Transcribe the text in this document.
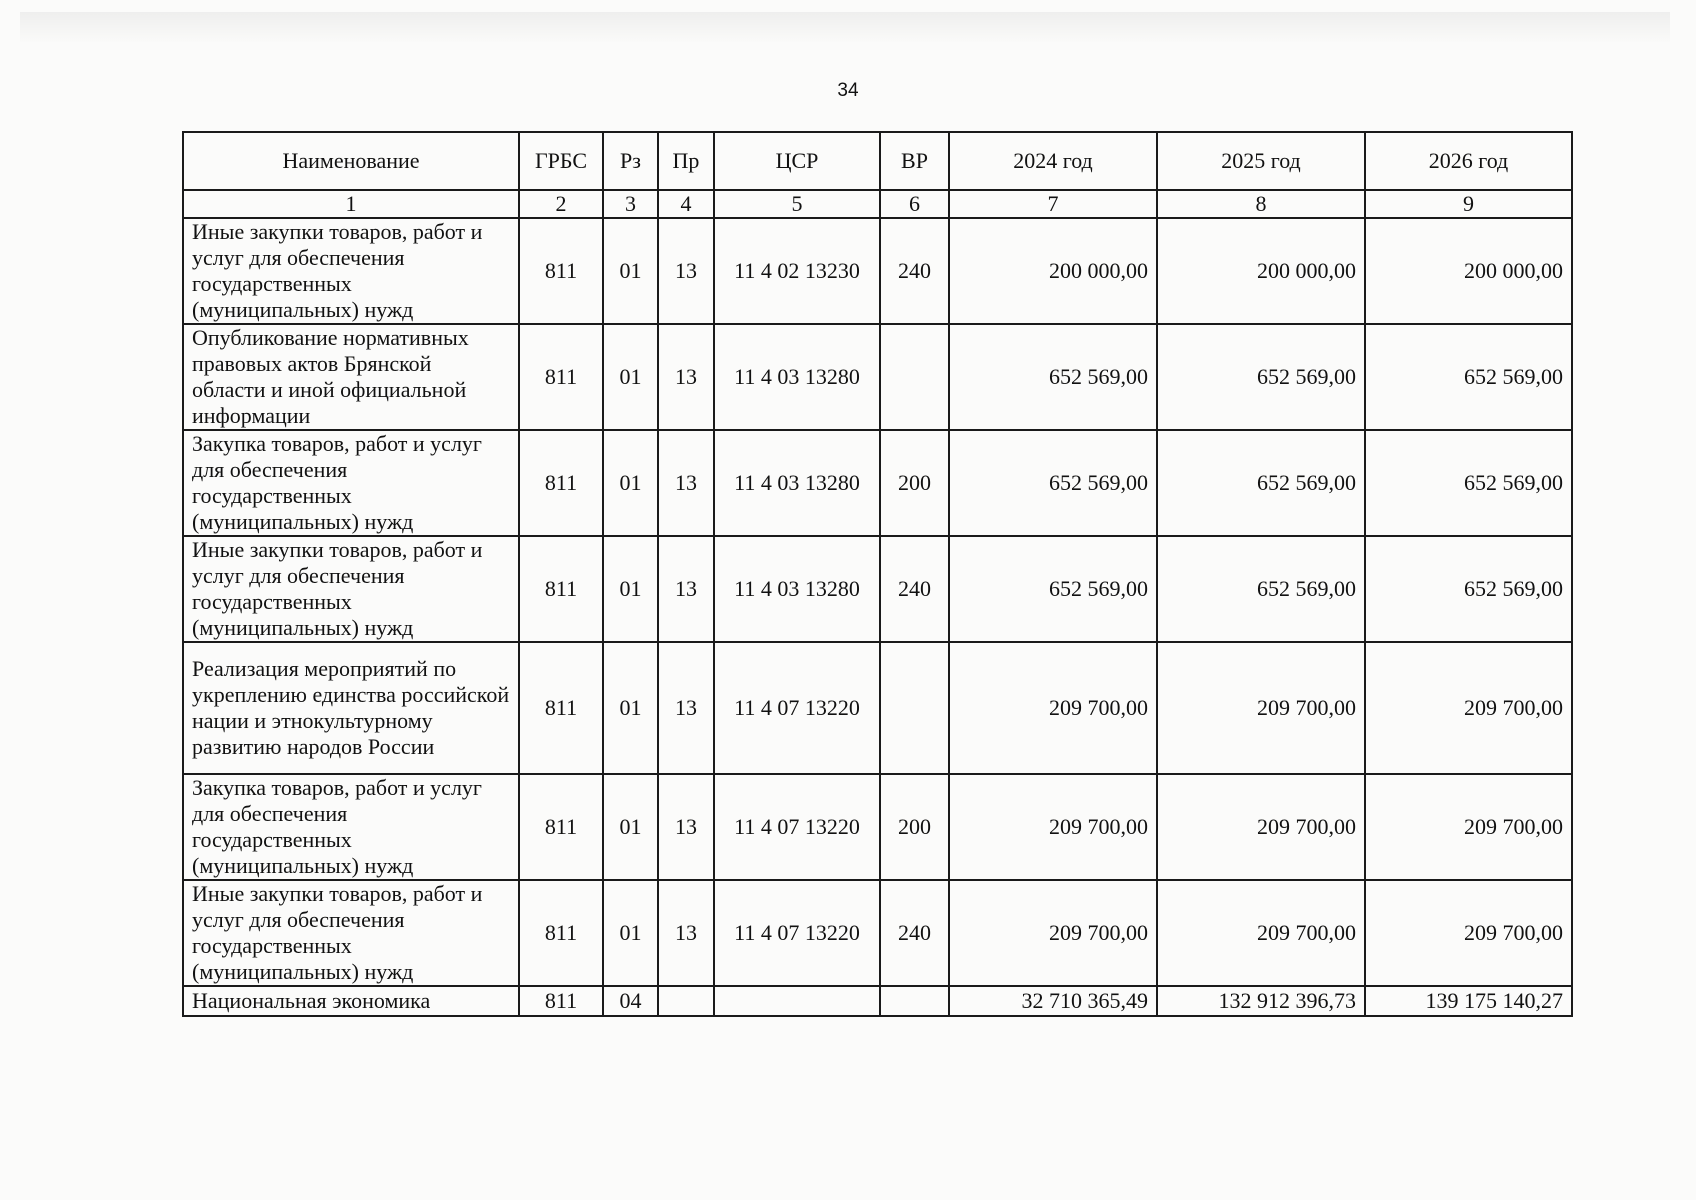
34
Наименование	ГРБС	Рз	Пр	ЦСР	ВР	2024 год	2025 год	2026 год
1	2	3	4	5	6	7	8	9
Иные закупки товаров, работ и услуг для обеспечения государственных (муниципальных) нужд	811	01	13	11 4 02 13230	240	200 000,00	200 000,00	200 000,00
Опубликование нормативных правовых актов Брянской области и иной официальной информации	811	01	13	11 4 03 13280		652 569,00	652 569,00	652 569,00
Закупка товаров, работ и услуг для обеспечения государственных (муниципальных) нужд	811	01	13	11 4 03 13280	200	652 569,00	652 569,00	652 569,00
Иные закупки товаров, работ и услуг для обеспечения государственных (муниципальных) нужд	811	01	13	11 4 03 13280	240	652 569,00	652 569,00	652 569,00
Реализация мероприятий по укреплению единства российской нации и этнокультурному развитию народов России	811	01	13	11 4 07 13220		209 700,00	209 700,00	209 700,00
Закупка товаров, работ и услуг для обеспечения государственных (муниципальных) нужд	811	01	13	11 4 07 13220	200	209 700,00	209 700,00	209 700,00
Иные закупки товаров, работ и услуг для обеспечения государственных (муниципальных) нужд	811	01	13	11 4 07 13220	240	209 700,00	209 700,00	209 700,00
Национальная экономика	811	04				32 710 365,49	132 912 396,73	139 175 140,27
